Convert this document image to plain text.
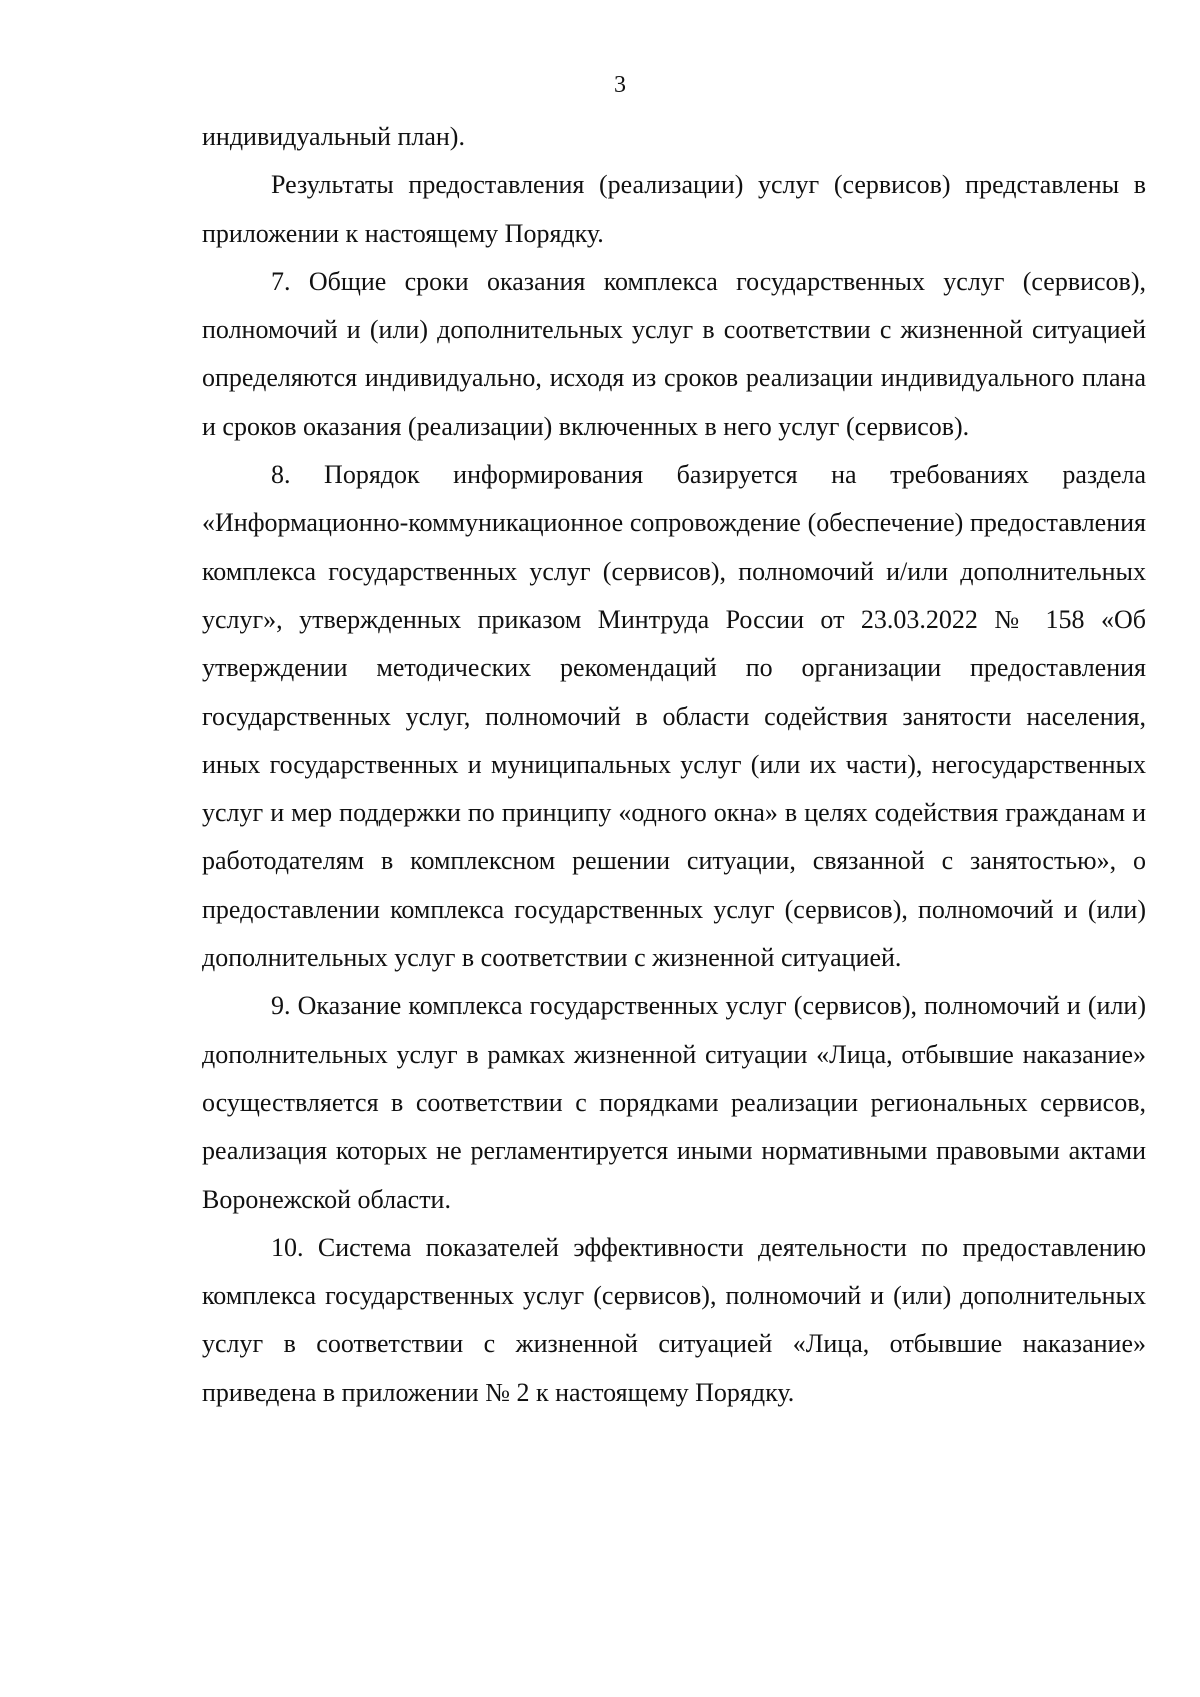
3

индивидуальный план).

Результаты предоставления (реализации) услуг (сервисов) представлены в приложении к настоящему Порядку.

7. Общие сроки оказания комплекса государственных услуг (сервисов), полномочий и (или) дополнительных услуг в соответствии с жизненной ситуацией определяются индивидуально, исходя из сроков реализации индивидуального плана и сроков оказания (реализации) включенных в него услуг (сервисов).

8. Порядок информирования базируется на требованиях раздела «Информационно-коммуникационное сопровождение (обеспечение) предоставления комплекса государственных услуг (сервисов), полномочий и/или дополнительных услуг», утвержденных приказом Минтруда России от 23.03.2022 № 158 «Об утверждении методических рекомендаций по организации предоставления государственных услуг, полномочий в области содействия занятости населения, иных государственных и муниципальных услуг (или их части), негосударственных услуг и мер поддержки по принципу «одного окна» в целях содействия гражданам и работодателям в комплексном решении ситуации, связанной с занятостью», о предоставлении комплекса государственных услуг (сервисов), полномочий и (или) дополнительных услуг в соответствии с жизненной ситуацией.

9. Оказание комплекса государственных услуг (сервисов), полномочий и (или) дополнительных услуг в рамках жизненной ситуации «Лица, отбывшие наказание» осуществляется в соответствии с порядками реализации региональных сервисов, реализация которых не регламентируется иными нормативными правовыми актами Воронежской области.

10. Система показателей эффективности деятельности по предоставлению комплекса государственных услуг (сервисов), полномочий и (или) дополнительных услуг в соответствии с жизненной ситуацией «Лица, отбывшие наказание» приведена в приложении № 2 к настоящему Порядку.
